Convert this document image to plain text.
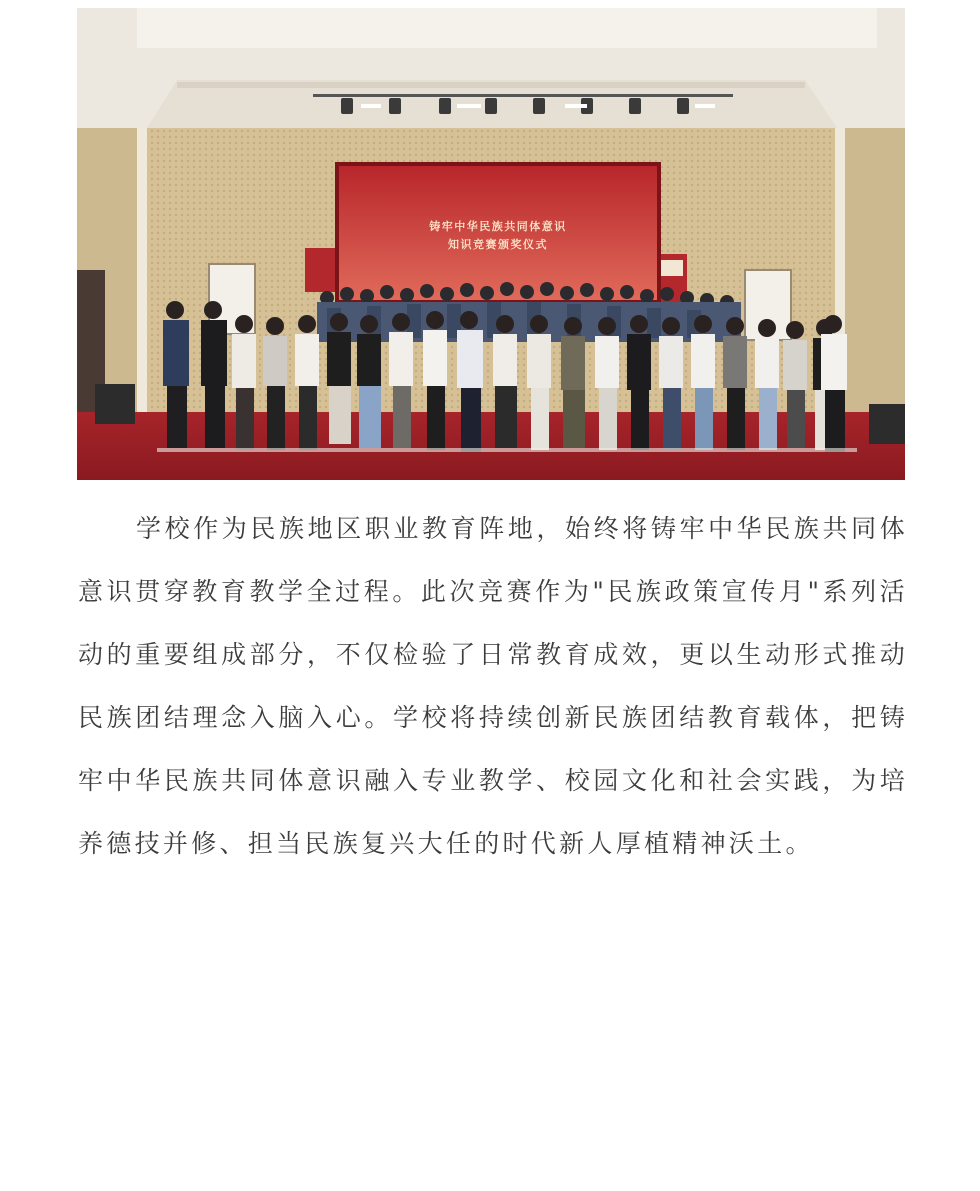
铸牢中华民族共同体意识
知识竞赛颁奖仪式

学校作为民族地区职业教育阵地，始终将铸牢中华民族共同体意识贯穿教育教学全过程。此次竞赛作为"民族政策宣传月"系列活动的重要组成部分，不仅检验了日常教育成效，更以生动形式推动民族团结理念入脑入心。学校将持续创新民族团结教育载体，把铸牢中华民族共同体意识融入专业教学、校园文化和社会实践，为培养德技并修、担当民族复兴大任的时代新人厚植精神沃土。
